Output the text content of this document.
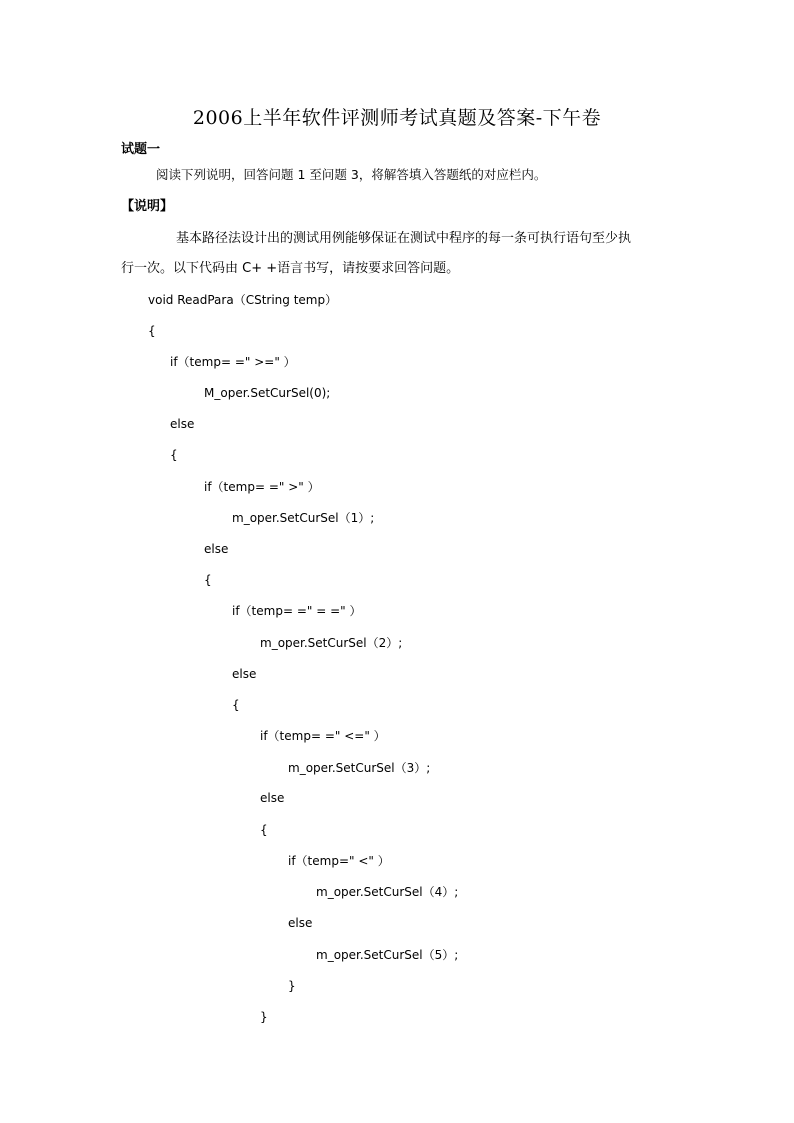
2006上半年软件评测师考试真题及答案-下午卷
试题一
阅读下列说明，回答问题 1 至问题 3，将解答填入答题纸的对应栏内。
【说明】
基本路径法设计出的测试用例能够保证在测试中程序的每一条可执行语句至少执
行一次。以下代码由 C+ +语言书写，请按要求回答问题。
void ReadPara（CString temp）
{
if（temp= =" >=" ）
M_oper.SetCurSel(0);
else
{
if（temp= =" >" ）
m_oper.SetCurSel（1）;
else
{
if（temp= =" = =" ）
m_oper.SetCurSel（2）;
else
{
if（temp= =" <=" ）
m_oper.SetCurSel（3）;
else
{
if（temp=" <" ）
m_oper.SetCurSel（4）;
else
m_oper.SetCurSel（5）;
}
}
